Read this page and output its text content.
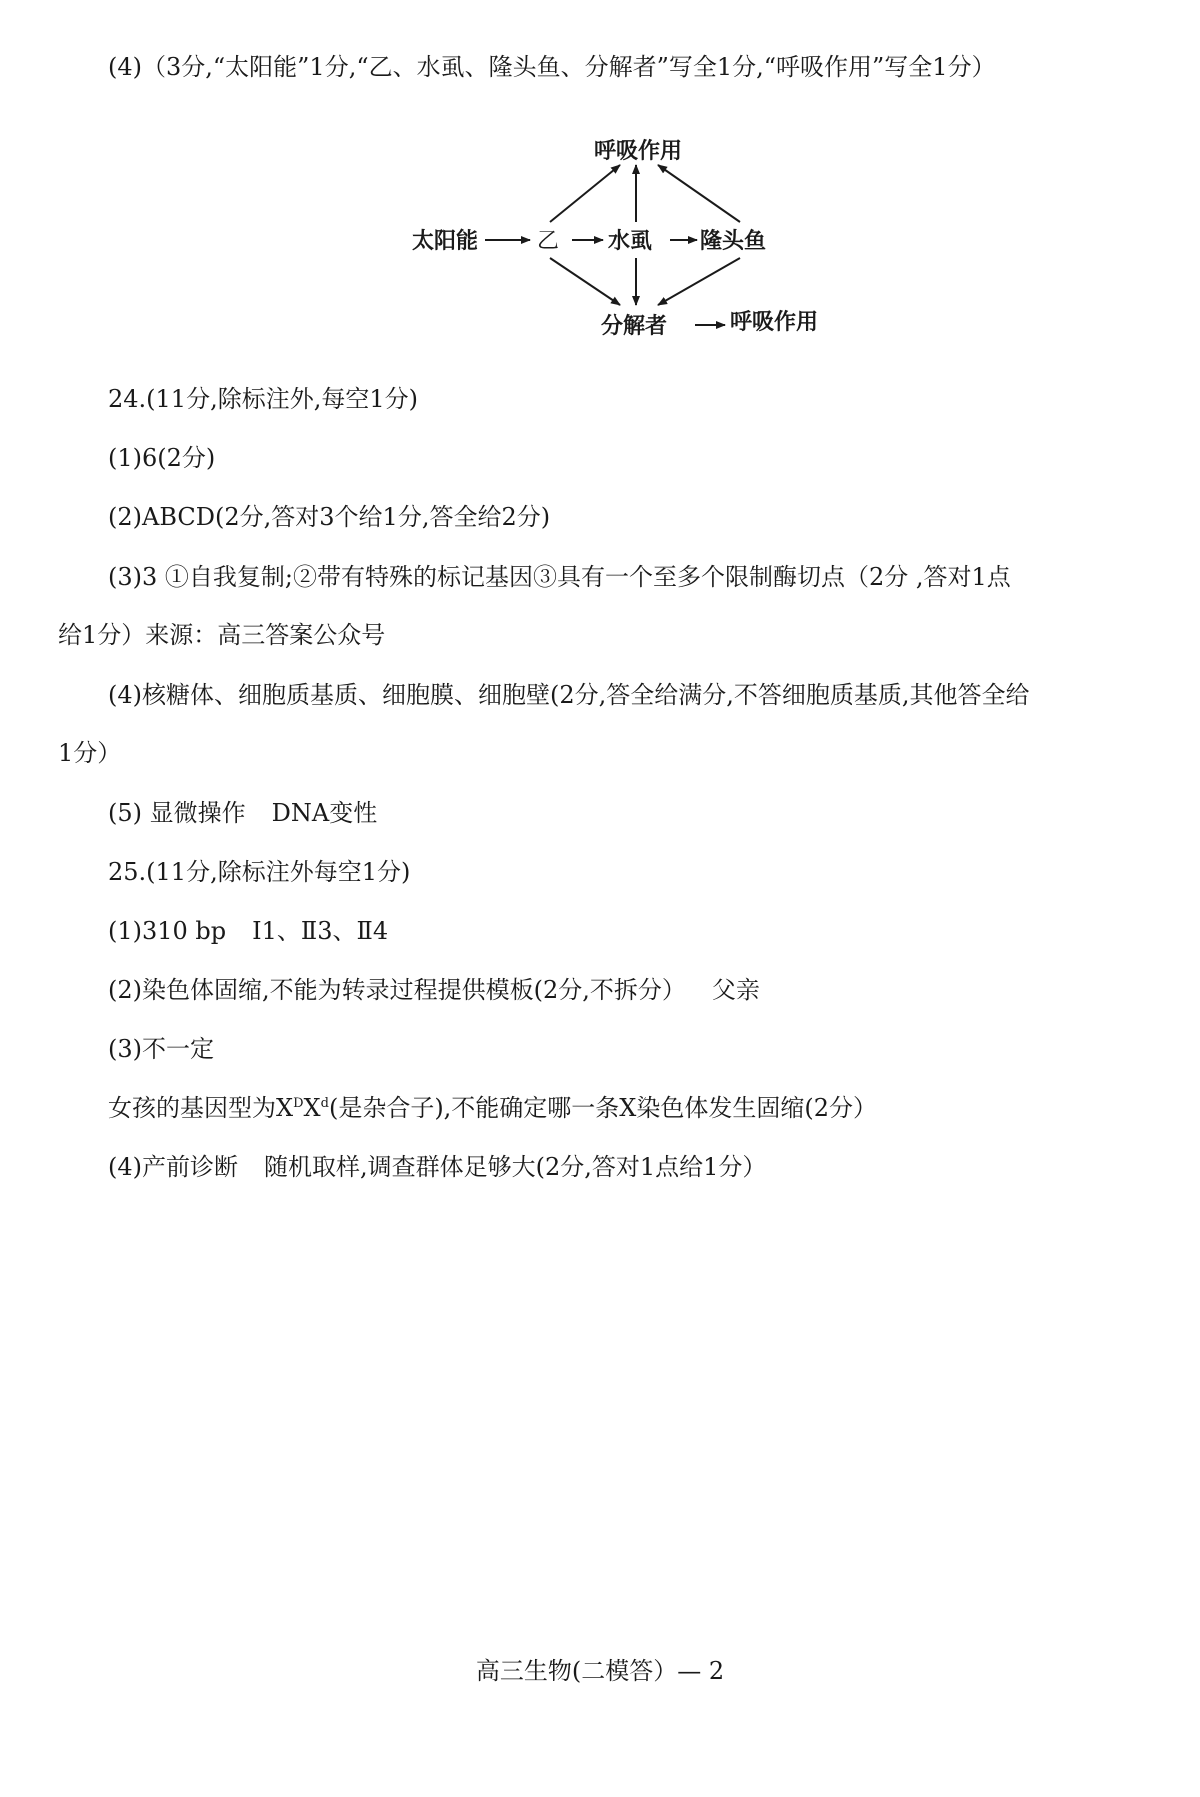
(4)（3分,“太阳能”1分,“乙、水虱、隆头鱼、分解者”写全1分,“呼吸作用”写全1分）
呼吸作用
太阳能	乙 水虱 隆头鱼
分解者	呼吸作用
24.(11分,除标注外,每空1分)
(1)6(2分)
(2)ABCD(2分,答对3个给1分,答全给2分)
(3)3 ①自我复制;②带有特殊的标记基因③具有一个至多个限制酶切点（2分 ,答对1点
给1分）来源：高三答案公众号
(4)核糖体、细胞质基质、细胞膜、细胞壁(2分,答全给满分,不答细胞质基质,其他答全给
1分）
(5) 显微操作 DNA变性
25.(11分,除标注外每空1分)
(1)310 bp Ⅰ1、Ⅱ3、Ⅱ4
(2)染色体固缩,不能为转录过程提供模板(2分,不拆分） 父亲
(3)不一定
女孩的基因型为$X^DX^d$(是杂合子),不能确定哪一条X染色体发生固缩(2分）
(4)产前诊断 随机取样,调查群体足够大(2分,答对1点给1分）
高三生物(二模答）— 2
